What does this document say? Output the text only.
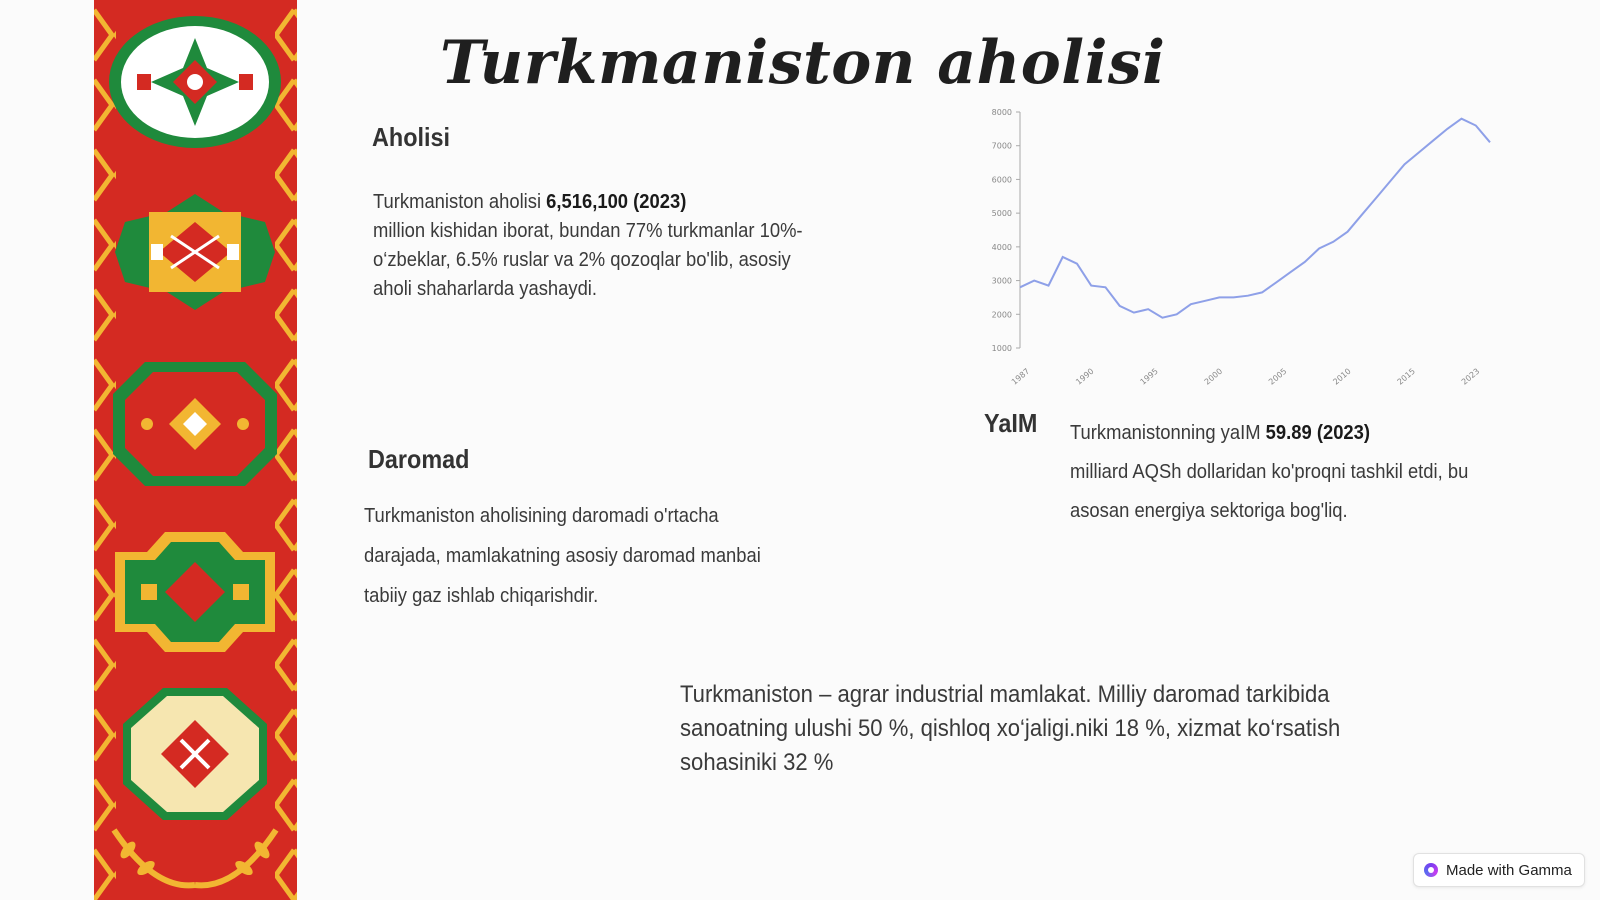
Turkmaniston aholisi
Aholisi

Turkmaniston aholisi 6,516,100 (2023)
million kishidan iborat, bundan 77% turkmanlar 10%-o‘zbeklar, 6.5% ruslar va 2% qozoqlar bo'lib, asosiy aholi shaharlarda yashaydi.

Daromad

Turkmaniston aholisining daromadi o'rtacha darajada, mamlakatning asosiy daromad manbai tabiiy gaz ishlab chiqarishdir.

YaIM Turkmanistonning yaIM 59.89 (2023)
milliard AQSh dollaridan ko'proqni tashkil etdi, bu asosan energiya sektoriga bog'liq.

Turkmaniston – agrar industrial mamlakat. Milliy daromad tarkibida sanoatning ulushi 50 %, qishloq xo‘jaligi.niki 18 %, xizmat ko‘rsatish sohasiniki 32 %

8000
7000
6000
5000
4000
3000
2000
1000
1987	1990	1995	2000	2005	2010	2015	2023
Made with Gamma
